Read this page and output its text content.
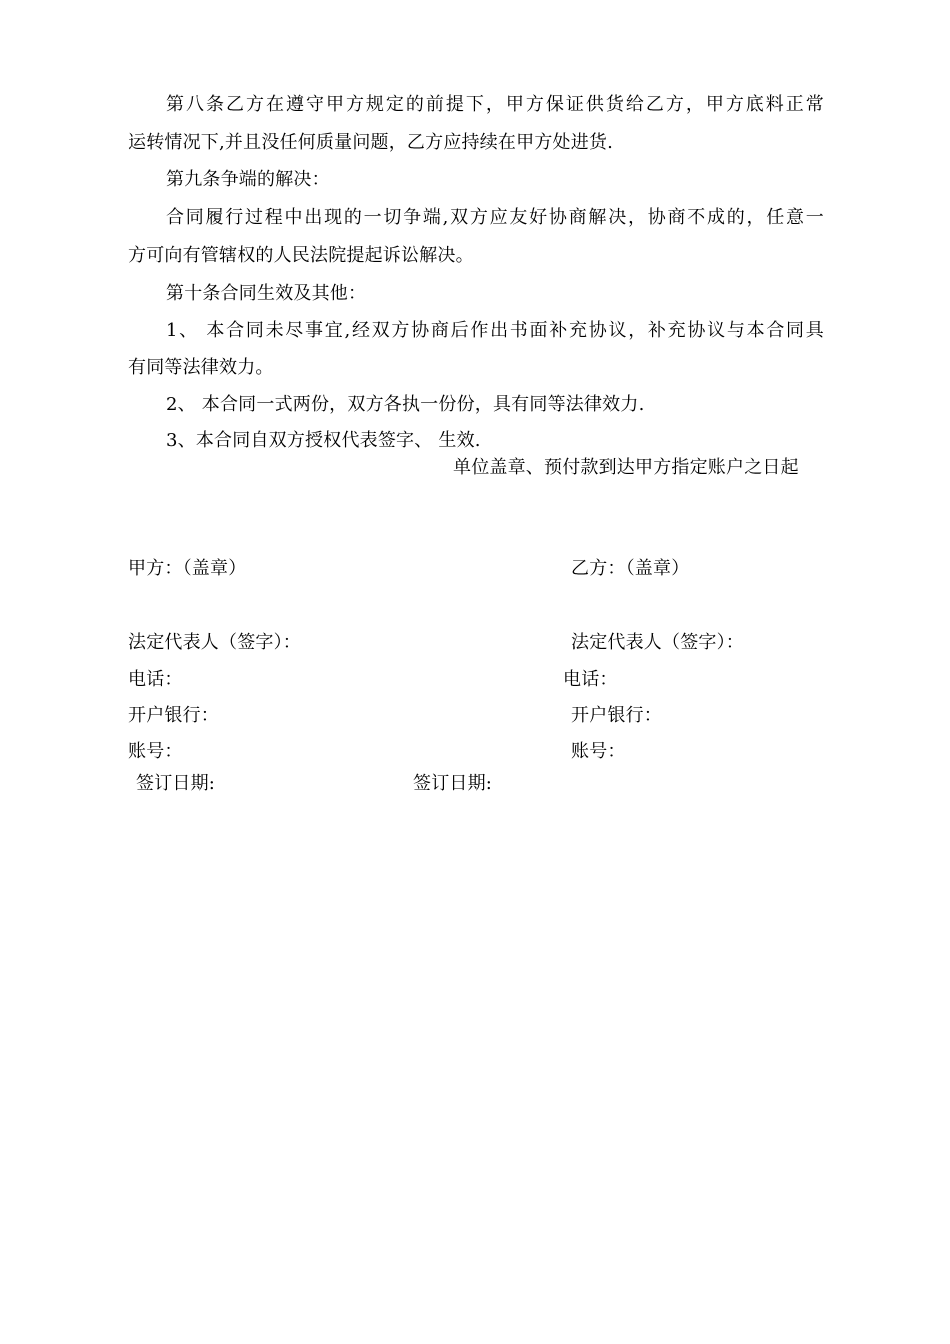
第八条乙方在遵守甲方规定的前提下，甲方保证供货给乙方，甲方底料正常
运转情况下,并且没任何质量问题，乙方应持续在甲方处进货.
第九条争端的解决：
合同履行过程中出现的一切争端,双方应友好协商解决，协商不成的，任意一
方可向有管辖权的人民法院提起诉讼解决。
第十条合同生效及其他：
1、 本合同未尽事宜,经双方协商后作出书面补充协议，补充协议与本合同具
有同等法律效力。
2、 本合同一式两份，双方各执一份份，具有同等法律效力.
3、本合同自双方授权代表签字、 生效.
单位盖章、预付款到达甲方指定账户之日起
甲方：（盖章）	乙方：（盖章）
法定代表人（签字）：	法定代表人（签字）：
电话：	电话：
开户银行：	开户银行：
账号：	账号：
签订日期:	签订日期:
